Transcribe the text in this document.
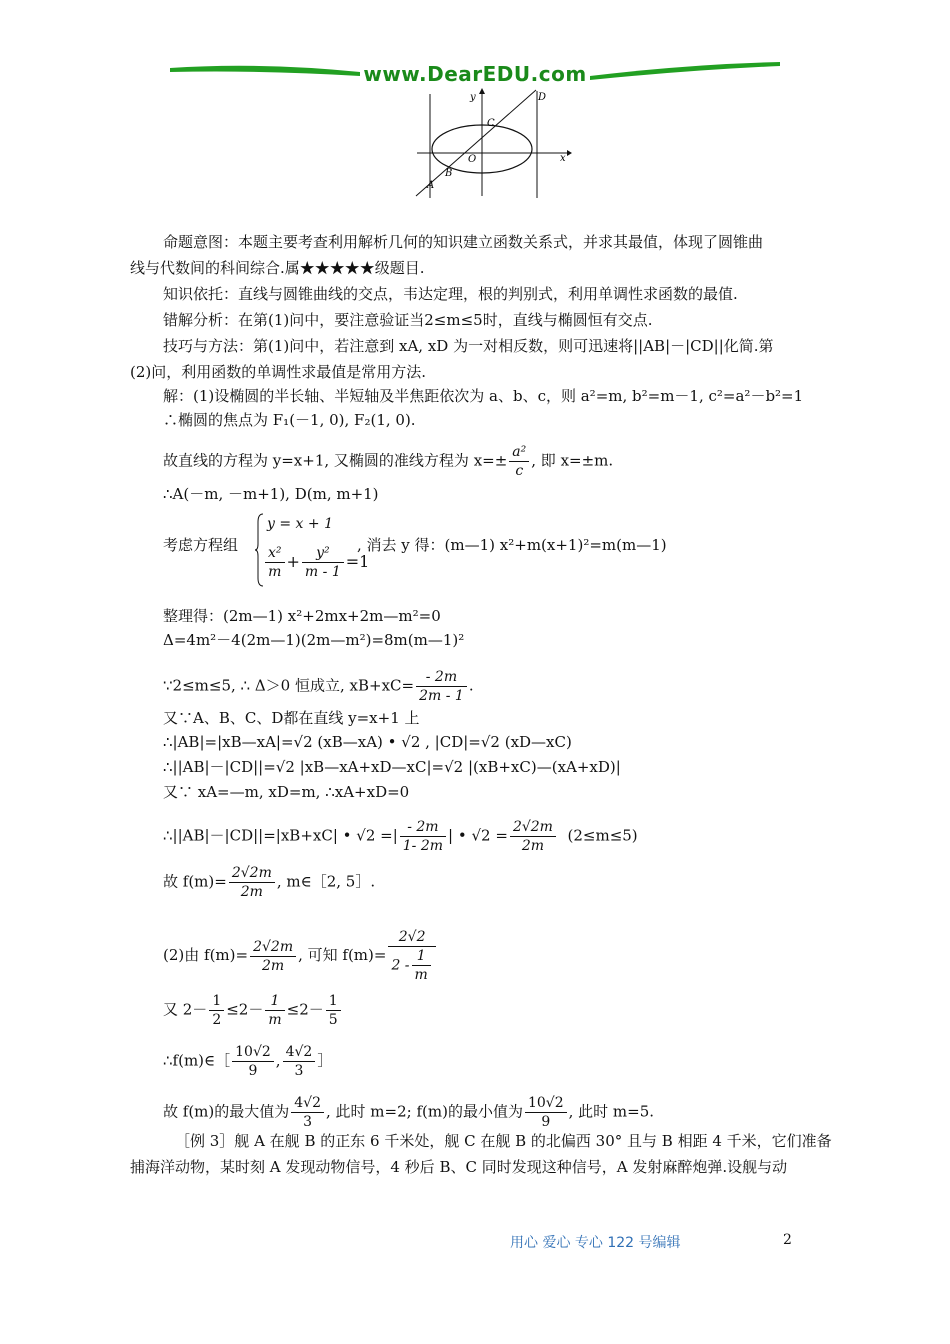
www.DearEDU.com
y
x
O
A
B
C
D
命题意图：本题主要考查利用解析几何的知识建立函数关系式，并求其最值，体现了圆锥曲
线与代数间的科间综合.属★★★★★级题目.
知识依托：直线与圆锥曲线的交点，韦达定理，根的判别式，利用单调性求函数的最值.
错解分析：在第(1)问中，要注意验证当2≤m≤5时，直线与椭圆恒有交点.
技巧与方法：第(1)问中，若注意到 xA, xD 为一对相反数，则可迅速将||AB|－|CD||化简.第
(2)问，利用函数的单调性求最值是常用方法.
解：(1)设椭圆的半长轴、半短轴及半焦距依次为 a、b、c，则 a²=m, b²=m－1, c²=a²－b²=1
∴椭圆的焦点为 F₁(－1, 0), F₂(1, 0).
故直线的方程为 y=x+1, 又椭圆的准线方程为 $x=\pm \frac{\text{a²}}{c}$ , 即 x=±m.
∴A(－m, －m+1), D(m, m+1)
考虑方程组
y = x + 1
$\frac{\text{x²}}{m} + \frac{\text{y²}}{m - 1} =1$
, 消去 y 得：(m—1) x²+m(x+1)²=m(m—1)
整理得：(2m—1) x²+2mx+2m—m²=0
Δ=4m²－4(2m—1)(2m—m²)=8m(m—1)²
∵2≤m≤5, ∴ Δ＞0 恒成立, $xB+xC= \frac{- 2m}{2m - 1}$ .
又∵A、B、C、D都在直线 y=x+1 上
∴|AB|=|xB—xA|=√2 (xB—xA) • √2 , |CD|=√2 (xD—xC)
∴||AB|－|CD||=√2 |xB—xA+xD—xC|=√2 |(xB+xC)—(xA+xD)|
又∵ xA=—m, xD=m, ∴xA+xD=0
∴||AB|－|CD||=|xB+xC| • √2 =| $\frac{- 2m}{1- 2m}$ | • $√2 = \frac{2√2m}{2m} (2\le m\le 5)$
故 $f(m)= \frac{2√2m}{2m}$ , m∈［2, 5］.
(2)由 $f(m)= \frac{2√2m}{2m}$ , 可知 $f(m)= \frac{2√2}{2 - \frac{1}{m}}$
又 $2- \frac{1}{2} \le 2- \frac{1}{m} \le 2- \frac{1}{5}$
∴f(m)∈［ $\frac{10√2}{9}$ , $\frac{4√2}{3}$ ］
故 f(m)的最大值为 $\frac{4√2}{3}$ , 此时 m=2; f(m)的最小值为 $\frac{10√2}{9}$ , 此时 m=5.
［例 3］舰 A 在舰 B 的正东 6 千米处，舰 C 在舰 B 的北偏西 30° 且与 B 相距 4 千米，它们准备
捕海洋动物，某时刻 A 发现动物信号，4 秒后 B、C 同时发现这种信号，A 发射麻醉炮弹.设舰与动
用心 爱心 专心 122 号编辑	2
